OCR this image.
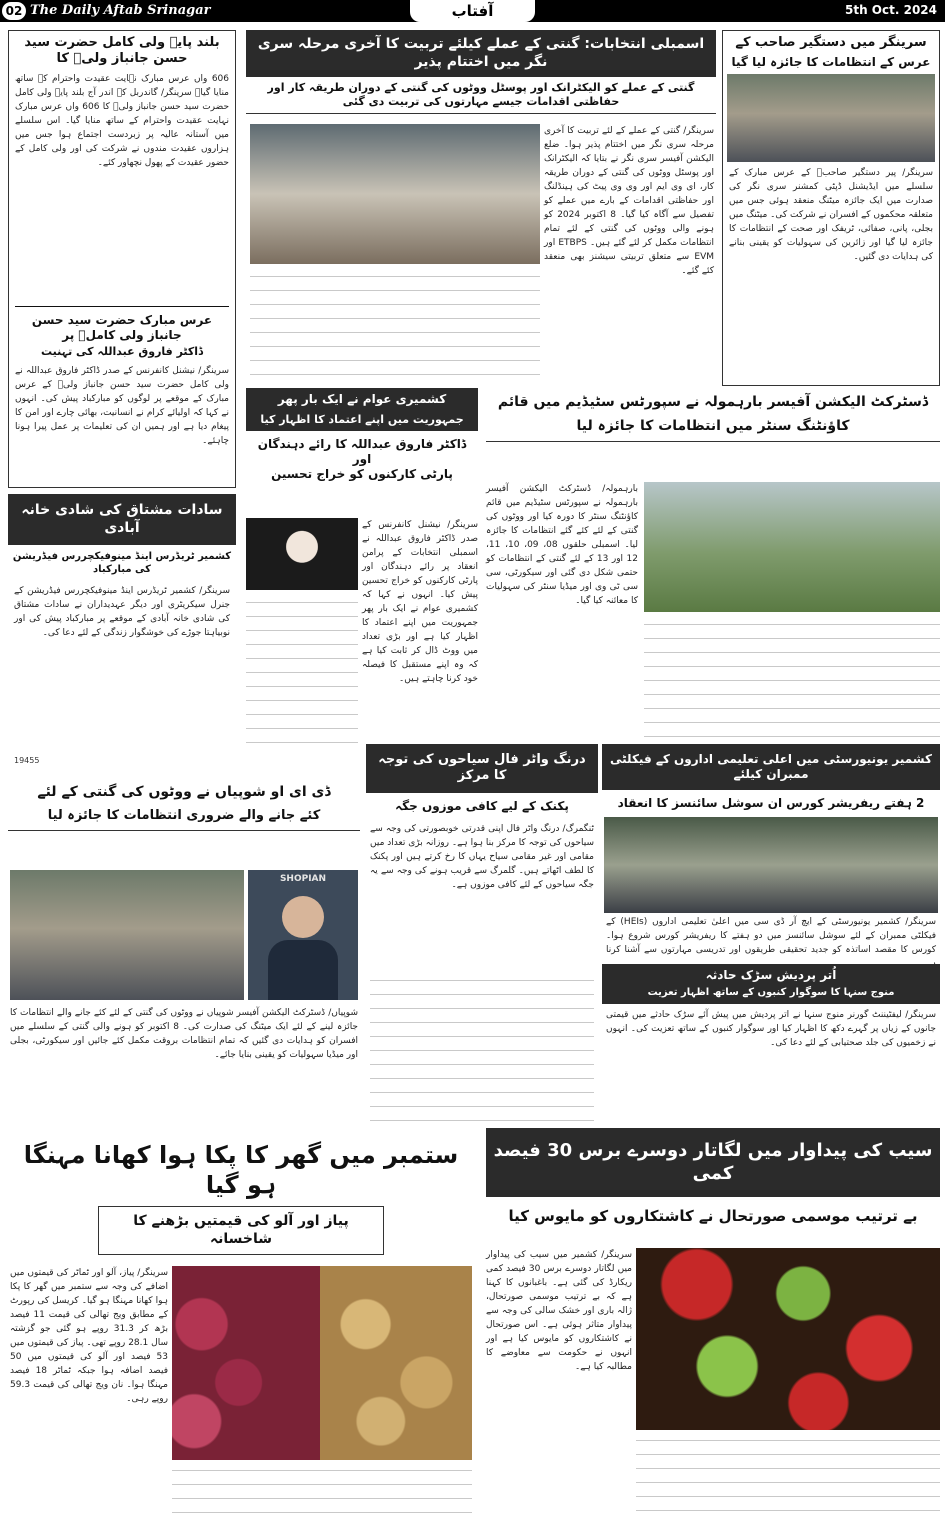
02 The Daily Aftab Srinagar	آفتاب	5th Oct. 2024
بلند پایہ ولی کامل حضرت سید حسن جانباز ولیؒ کا
606 واں عرس مبارک نہایت عقیدت واحترام کے ساتھ منایا گیا۔ سرینگر/ گاندربل کے اندر آج بلند پایہ ولی کامل حضرت سید حسن جانباز ولیؒ کا 606 واں عرس مبارک نہایت عقیدت واحترام کے ساتھ منایا گیا۔ اس سلسلے میں آستانہ عالیہ پر زبردست اجتماع ہوا جس میں ہزاروں عقیدت مندوں نے شرکت کی اور ولی کامل کے حضور عقیدت کے پھول نچھاور کئے۔
عرس مبارک حضرت سید حسن جانباز ولی کاملؒ پر
ڈاکٹر فاروق عبداللہ کی تہنیت
سرینگر/ نیشنل کانفرنس کے صدر ڈاکٹر فاروق عبداللہ نے ولی کامل حضرت سید حسن جانباز ولیؒ کے عرس مبارک کے موقعے پر لوگوں کو مبارکباد پیش کی۔ انہوں نے کہا کہ اولیائے کرام نے انسانیت، بھائی چارے اور امن کا پیغام دیا ہے اور ہمیں ان کی تعلیمات پر عمل پیرا ہونا چاہئے۔
اسمبلی انتخابات: گنتی کے عملے کیلئے تربیت کا آخری مرحلہ سری نگر میں اختتام پذیر
گنتی کے عملے کو الیکٹرانک اور پوسٹل ووٹوں کی گنتی کے دوران طریقہ کار اور حفاظتی اقدامات جیسے مہارتوں کی تربیت دی گئی
سرینگر/ گنتی کے عملے کے لئے تربیت کا آخری مرحلہ سری نگر میں اختتام پذیر ہوا۔ ضلع الیکشن آفیسر سری نگر نے بتایا کہ الیکٹرانک اور پوسٹل ووٹوں کی گنتی کے دوران طریقہ کار، ای وی ایم اور وی وی پیٹ کی ہینڈلنگ اور حفاظتی اقدامات کے بارے میں عملے کو تفصیل سے آگاہ کیا گیا۔ 8 اکتوبر 2024 کو ہونے والی ووٹوں کی گنتی کے لئے تمام انتظامات مکمل کر لئے گئے ہیں۔ ETBPS اور EVM سے متعلق تربیتی سیشنز بھی منعقد کئے گئے۔
سرینگر میں دستگیر صاحب کے
عرس کے انتظامات کا جائزہ لیا گیا
سرینگر/ پیر دستگیر صاحبؒ کے عرس مبارک کے سلسلے میں ایڈیشنل ڈپٹی کمشنر سری نگر کی صدارت میں ایک جائزہ میٹنگ منعقد ہوئی جس میں متعلقہ محکموں کے افسران نے شرکت کی۔ میٹنگ میں بجلی، پانی، صفائی، ٹریفک اور صحت کے انتظامات کا جائزہ لیا گیا اور زائرین کی سہولیات کو یقینی بنانے کی ہدایات دی گئیں۔
کشمیری عوام نے ایک بار پھر
جمہوریت میں اپنے اعتماد کا اظہار کیا
ڈاکٹر فاروق عبداللہ کا رائے دہندگان اور
پارٹی کارکنوں کو خراج تحسین
سرینگر/ نیشنل کانفرنس کے صدر ڈاکٹر فاروق عبداللہ نے اسمبلی انتخابات کے پرامن انعقاد پر رائے دہندگان اور پارٹی کارکنوں کو خراج تحسین پیش کیا۔ انہوں نے کہا کہ کشمیری عوام نے ایک بار پھر جمہوریت میں اپنے اعتماد کا اظہار کیا ہے اور بڑی تعداد میں ووٹ ڈال کر ثابت کیا ہے کہ وہ اپنے مستقبل کا فیصلہ خود کرنا چاہتے ہیں۔
سادات مشتاق کی شادی خانہ آبادی
کشمیر ٹریڈرس اینڈ مینوفیکچررس فیڈریشن کی مبارکباد
سرینگر/ کشمیر ٹریڈرس اینڈ مینوفیکچررس فیڈریشن کے جنرل سیکریٹری اور دیگر عہدیداران نے سادات مشتاق کی شادی خانہ آبادی کے موقعے پر مبارکباد پیش کی اور نوبیاہتا جوڑے کی خوشگوار زندگی کے لئے دعا کی۔
19455
ڈسٹرکٹ الیکشن آفیسر بارہمولہ نے سپورٹس سٹیڈیم میں قائم
کاؤنٹنگ سنٹر میں انتظامات کا جائزہ لیا
بارہمولہ/ ڈسٹرکٹ الیکشن آفیسر بارہمولہ نے سپورٹس سٹیڈیم میں قائم کاؤنٹنگ سنٹر کا دورہ کیا اور ووٹوں کی گنتی کے لئے کئے گئے انتظامات کا جائزہ لیا۔ اسمبلی حلقوں 08، 09، 10، 11، 12 اور 13 کے لئے گنتی کے انتظامات کو حتمی شکل دی گئی اور سیکورٹی، سی سی ٹی وی اور میڈیا سنٹر کی سہولیات کا معائنہ کیا گیا۔
درنگ واٹر فال سیاحوں کی توجہ کا مرکز
پکنک کے لیے کافی موزوں جگہ
ٹنگمرگ/ درنگ واٹر فال اپنی قدرتی خوبصورتی کی وجہ سے سیاحوں کی توجہ کا مرکز بنا ہوا ہے۔ روزانہ بڑی تعداد میں مقامی اور غیر مقامی سیاح یہاں کا رخ کرتے ہیں اور پکنک کا لطف اٹھاتے ہیں۔ گلمرگ سے قریب ہونے کی وجہ سے یہ جگہ سیاحوں کے لئے کافی موزوں ہے۔
کشمیر یونیورسٹی میں اعلی تعلیمی اداروں کے فیکلٹی ممبران کیلئے
2 ہفتے ریفریشر کورس ان سوشل سائنسز کا انعقاد
سرینگر/ کشمیر یونیورسٹی کے ایچ آر ڈی سی میں اعلیٰ تعلیمی اداروں (HEIs) کے فیکلٹی ممبران کے لئے سوشل سائنسز میں دو ہفتے کا ریفریشر کورس شروع ہوا۔ کورس کا مقصد اساتذہ کو جدید تحقیقی طریقوں اور تدریسی مہارتوں سے آشنا کرنا
اُتر پردیش سڑک حادثہ
منوج سنہا کا سوگوار کنبوں کے ساتھ اظہار تعزیت
سرینگر/ لیفٹیننٹ گورنر منوج سنہا نے اتر پردیش میں پیش آئے سڑک حادثے میں قیمتی جانوں کے زیاں پر گہرے دکھ کا اظہار کیا اور سوگوار کنبوں کے ساتھ تعزیت کی۔ انہوں نے زخمیوں کی جلد صحتیابی کے لئے دعا کی۔
ڈی ای او شوپیاں نے ووٹوں کی گنتی کے لئے
کئے جانے والے ضروری انتظامات کا جائزہ لیا
SHOPIAN
شوپیاں/ ڈسٹرکٹ الیکشن آفیسر شوپیاں نے ووٹوں کی گنتی کے لئے کئے جانے والے انتظامات کا جائزہ لینے کے لئے ایک میٹنگ کی صدارت کی۔ 8 اکتوبر کو ہونے والی گنتی کے سلسلے میں افسران کو ہدایات دی گئیں کہ تمام انتظامات بروقت مکمل کئے جائیں اور سیکورٹی، بجلی اور میڈیا سہولیات کو یقینی بنایا جائے۔
ستمبر میں گھر کا پکا ہوا کھانا مہنگا ہو گیا
پیاز اور آلو کی قیمتیں بڑھنے کا شاخسانہ
سرینگر/ پیاز، آلو اور ٹماٹر کی قیمتوں میں اضافے کی وجہ سے ستمبر میں گھر کا پکا ہوا کھانا مہنگا ہو گیا۔ کریسل کی رپورٹ کے مطابق ویج تھالی کی قیمت 11 فیصد بڑھ کر 31.3 روپے ہو گئی جو گزشتہ سال 28.1 روپے تھی۔ پیاز کی قیمتوں میں 53 فیصد اور آلو کی قیمتوں میں 50 فیصد اضافہ ہوا جبکہ ٹماٹر 18 فیصد مہنگا ہوا۔ نان ویج تھالی کی قیمت 59.3 روپے رہی۔
سیب کی پیداوار میں لگاتار دوسرے برس 30 فیصد کمی
بے ترتیب موسمی صورتحال نے کاشتکاروں کو مایوس کیا
سرینگر/ کشمیر میں سیب کی پیداوار میں لگاتار دوسرے برس 30 فیصد کمی ریکارڈ کی گئی ہے۔ باغبانوں کا کہنا ہے کہ بے ترتیب موسمی صورتحال، ژالہ باری اور خشک سالی کی وجہ سے پیداوار متاثر ہوئی ہے۔ اس صورتحال نے کاشتکاروں کو مایوس کیا ہے اور انہوں نے حکومت سے معاوضے کا مطالبہ کیا ہے۔
